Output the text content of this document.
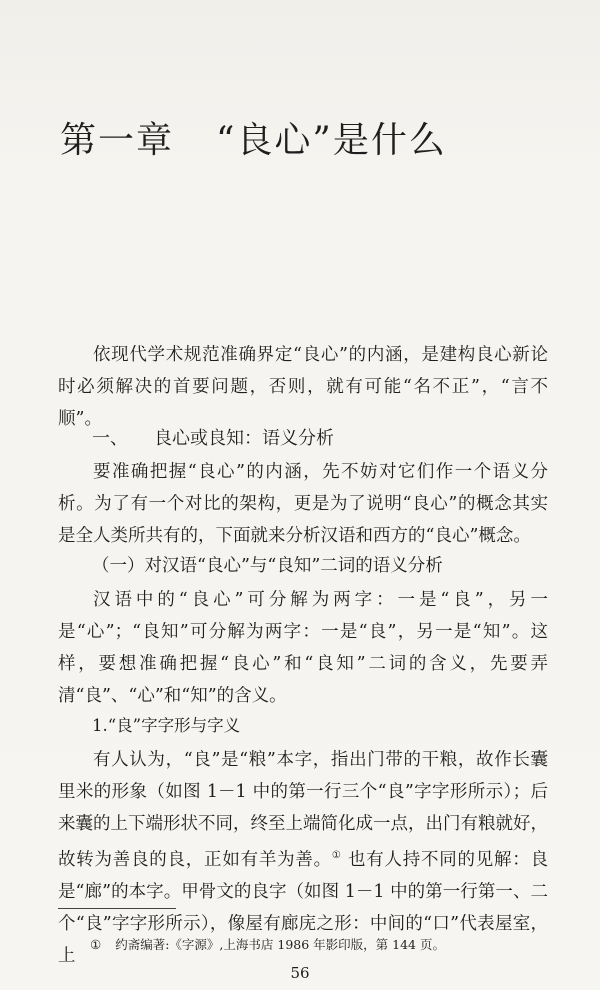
第一章 “良心”是什么

依现代学术规范准确界定“良心”的内涵，是建构良心新论时必须解决的首要问题，否则，就有可能“名不正”，“言不顺”。

一、 良心或良知：语义分析

要准确把握“良心”的内涵，先不妨对它们作一个语义分析。为了有一个对比的架构，更是为了说明“良心”的概念其实是全人类所共有的，下面就来分析汉语和西方的“良心”概念。

（一）对汉语“良心”与“良知”二词的语义分析

汉语中的“良心”可分解为两字：一是“良”，另一是“心”；“良知”可分解为两字：一是“良”，另一是“知”。这样，要想准确把握“良心”和“良知”二词的含义，先要弄清“良”、“心”和“知”的含义。

1.“良”字字形与字义

有人认为，“良”是“粮”本字，指出门带的干粮，故作长囊里米的形象（如图 1－1 中的第一行三个“良”字字形所示）；后来囊的上下端形状不同，终至上端简化成一点，出门有粮就好，故转为善良的良，正如有羊为善。① 也有人持不同的见解：良是“廊”的本字。甲骨文的良字（如图 1－1 中的第一行第一、二个“良”字字形所示），像屋有廊庑之形：中间的“口”代表屋室，上

① 约斋编著:《字源》,上海书店 1986 年影印版，第 144 页。
56
